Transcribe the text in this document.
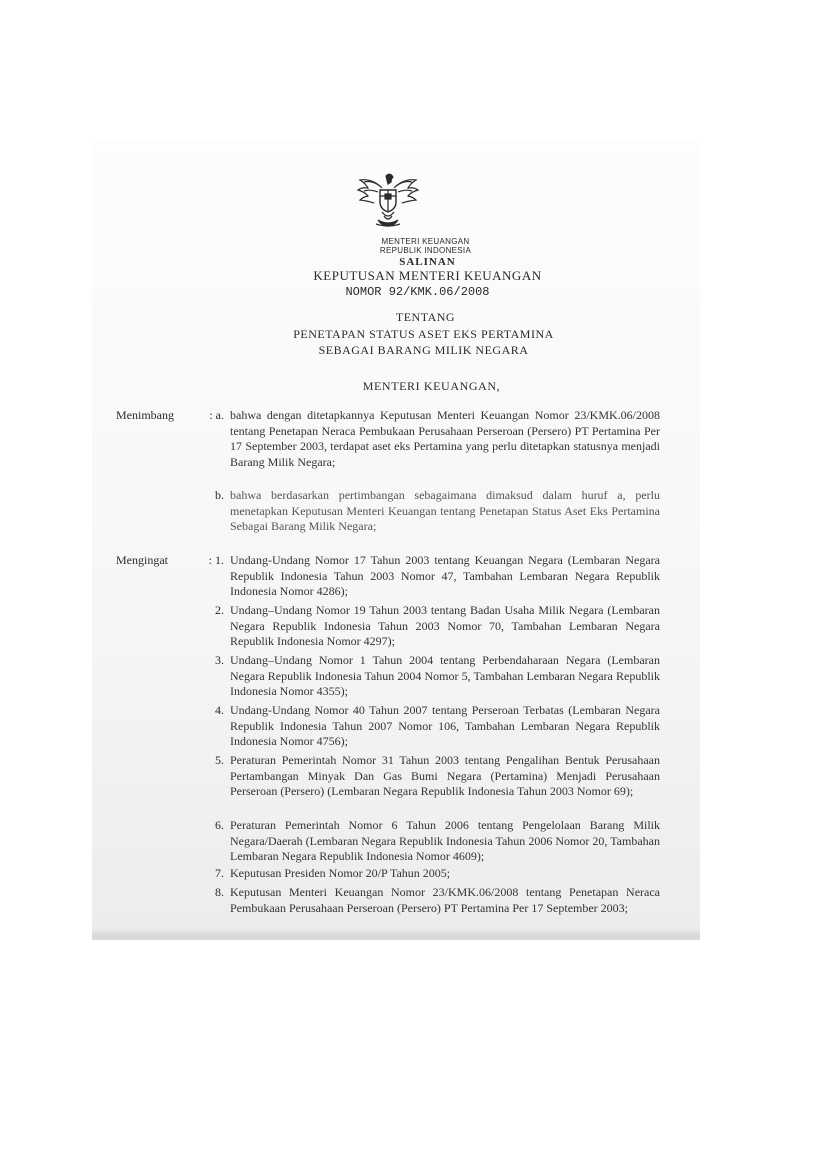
MENTERI KEUANGAN
REPUBLIK INDONESIA
SALINAN
KEPUTUSAN MENTERI KEUANGAN
NOMOR 92/KMK.06/2008
TENTANG
PENETAPAN STATUS ASET EKS PERTAMINA
SEBAGAI BARANG MILIK NEGARA
MENTERI KEUANGAN,
Menimbang	: a. bahwa dengan ditetapkannya Keputusan Menteri Keuangan Nomor 23/KMK.06/2008 tentang Penetapan Neraca Pembukaan Perusahaan Perseroan (Persero) PT Pertamina Per 17 September 2003, terdapat aset eks Pertamina yang perlu ditetapkan statusnya menjadi Barang Milik Negara;
b. bahwa berdasarkan pertimbangan sebagaimana dimaksud dalam huruf a, perlu menetapkan Keputusan Menteri Keuangan tentang Penetapan Status Aset Eks Pertamina Sebagai Barang Milik Negara;
Mengingat	: 1. Undang-Undang Nomor 17 Tahun 2003 tentang Keuangan Negara (Lembaran Negara Republik Indonesia Tahun 2003 Nomor 47, Tambahan Lembaran Negara Republik Indonesia Nomor 4286);
2. Undang–Undang Nomor 19 Tahun 2003 tentang Badan Usaha Milik Negara (Lembaran Negara Republik Indonesia Tahun 2003 Nomor 70, Tambahan Lembaran Negara Republik Indonesia Nomor 4297);
3. Undang–Undang Nomor 1 Tahun 2004 tentang Perbendaharaan Negara (Lembaran Negara Republik Indonesia Tahun 2004 Nomor 5, Tambahan Lembaran Negara Republik Indonesia Nomor 4355);
4. Undang-Undang Nomor 40 Tahun 2007 tentang Perseroan Terbatas (Lembaran Negara Republik Indonesia Tahun 2007 Nomor 106, Tambahan Lembaran Negara Republik Indonesia Nomor 4756);
5. Peraturan Pemerintah Nomor 31 Tahun 2003 tentang Pengalihan Bentuk Perusahaan Pertambangan Minyak Dan Gas Bumi Negara (Pertamina) Menjadi Perusahaan Perseroan (Persero) (Lembaran Negara Republik Indonesia Tahun 2003 Nomor 69);
6. Peraturan Pemerintah Nomor 6 Tahun 2006 tentang Pengelolaan Barang Milik Negara/Daerah (Lembaran Negara Republik Indonesia Tahun 2006 Nomor 20, Tambahan Lembaran Negara Republik Indonesia Nomor 4609);
7. Keputusan Presiden Nomor 20/P Tahun 2005;
8. Keputusan Menteri Keuangan Nomor 23/KMK.06/2008 tentang Penetapan Neraca Pembukaan Perusahaan Perseroan (Persero) PT Pertamina Per 17 September 2003;
